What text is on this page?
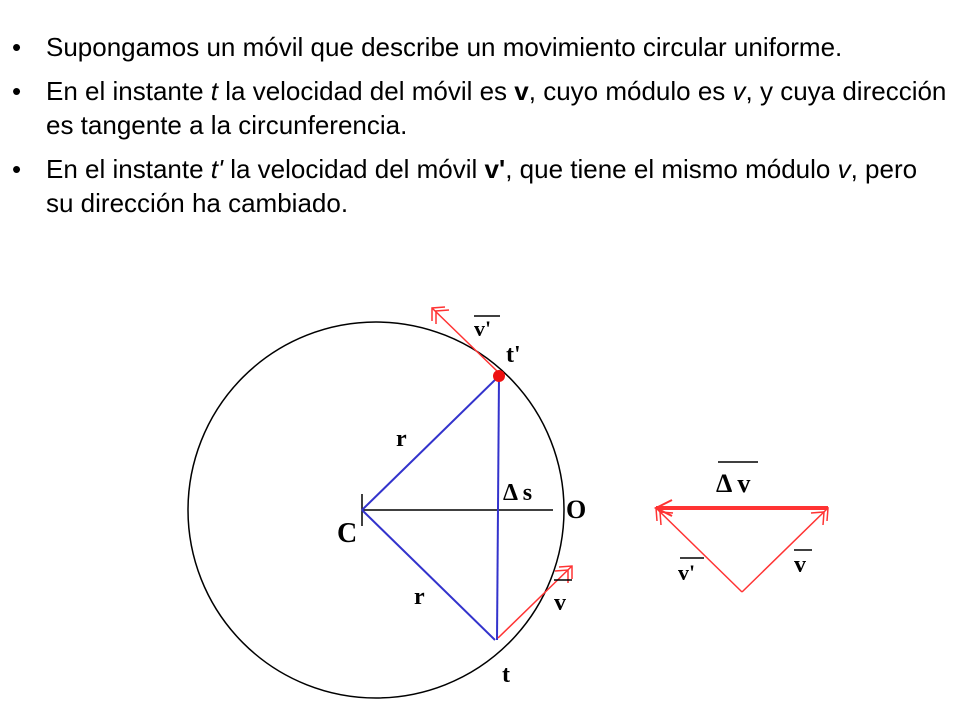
• Supongamos un móvil que describe un movimiento circular uniforme.
• En el instante t la velocidad del móvil es v, cuyo módulo es v, y cuya dirección es tangente a la circunferencia.
• En el instante t' la velocidad del móvil v', que tiene el mismo módulo v, pero su dirección ha cambiado.
C
O
r
r
Δ s
t'
t
v'
v
Δ v
v'	v
